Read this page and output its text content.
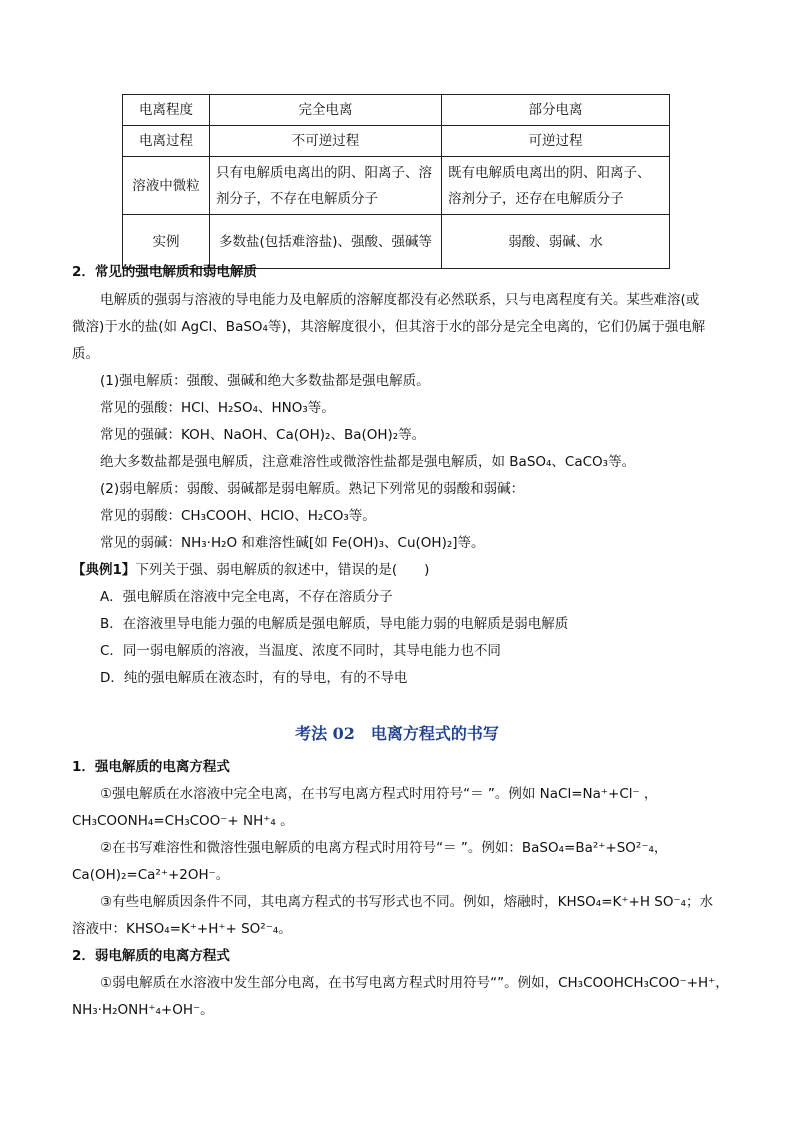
电离程度	完全电离	部分电离
电离过程	不可逆过程	可逆过程
溶液中微粒	只有电解质电离出的阴、阳离子、溶剂分子，不存在电解质分子	既有电解质电离出的阴、阳离子、溶剂分子，还存在电解质分子
实例	多数盐(包括难溶盐)、强酸、强碱等	弱酸、弱碱、水
2．常见的强电解质和弱电解质
电解质的强弱与溶液的导电能力及电解质的溶解度都没有必然联系，只与电离程度有关。某些难溶(或
微溶)于水的盐(如 AgCl、BaSO₄等)，其溶解度很小，但其溶于水的部分是完全电离的，它们仍属于强电解
质。
(1)强电解质：强酸、强碱和绝大多数盐都是强电解质。
常见的强酸：HCl、H₂SO₄、HNO₃等。
常见的强碱：KOH、NaOH、Ca(OH)₂、Ba(OH)₂等。
绝大多数盐都是强电解质，注意难溶性或微溶性盐都是强电解质，如 BaSO₄、CaCO₃等。
(2)弱电解质：弱酸、弱碱都是弱电解质。熟记下列常见的弱酸和弱碱：
常见的弱酸：CH₃COOH、HClO、H₂CO₃等。
常见的弱碱：NH₃·H₂O 和难溶性碱[如 Fe(OH)₃、Cu(OH)₂]等。
【典例1】下列关于强、弱电解质的叙述中，错误的是(　　)
A．强电解质在溶液中完全电离，不存在溶质分子
B．在溶液里导电能力强的电解质是强电解质，导电能力弱的电解质是弱电解质
C．同一弱电解质的溶液，当温度、浓度不同时，其导电能力也不同
D．纯的强电解质在液态时，有的导电，有的不导电
考法 02　电离方程式的书写
1．强电解质的电离方程式
①强电解质在水溶液中完全电离，在书写电离方程式时用符号“＝ ”。例如 NaCl=Na⁺+Cl⁻ ，
CH₃COONH₄=CH₃COO⁻+ NH⁺₄ 。
②在书写难溶性和微溶性强电解质的电离方程式时用符号“＝ ”。例如：BaSO₄=Ba²⁺+SO²⁻₄，
Ca(OH)₂=Ca²⁺+2OH⁻。
③有些电解质因条件不同，其电离方程式的书写形式也不同。例如，熔融时，KHSO₄=K⁺+H SO⁻₄；水
溶液中：KHSO₄=K⁺+H⁺+ SO²⁻₄。
2．弱电解质的电离方程式
①弱电解质在水溶液中发生部分电离，在书写电离方程式时用符号“”。例如，CH₃COOHCH₃COO⁻+H⁺，
NH₃·H₂ONH⁺₄+OH⁻。
